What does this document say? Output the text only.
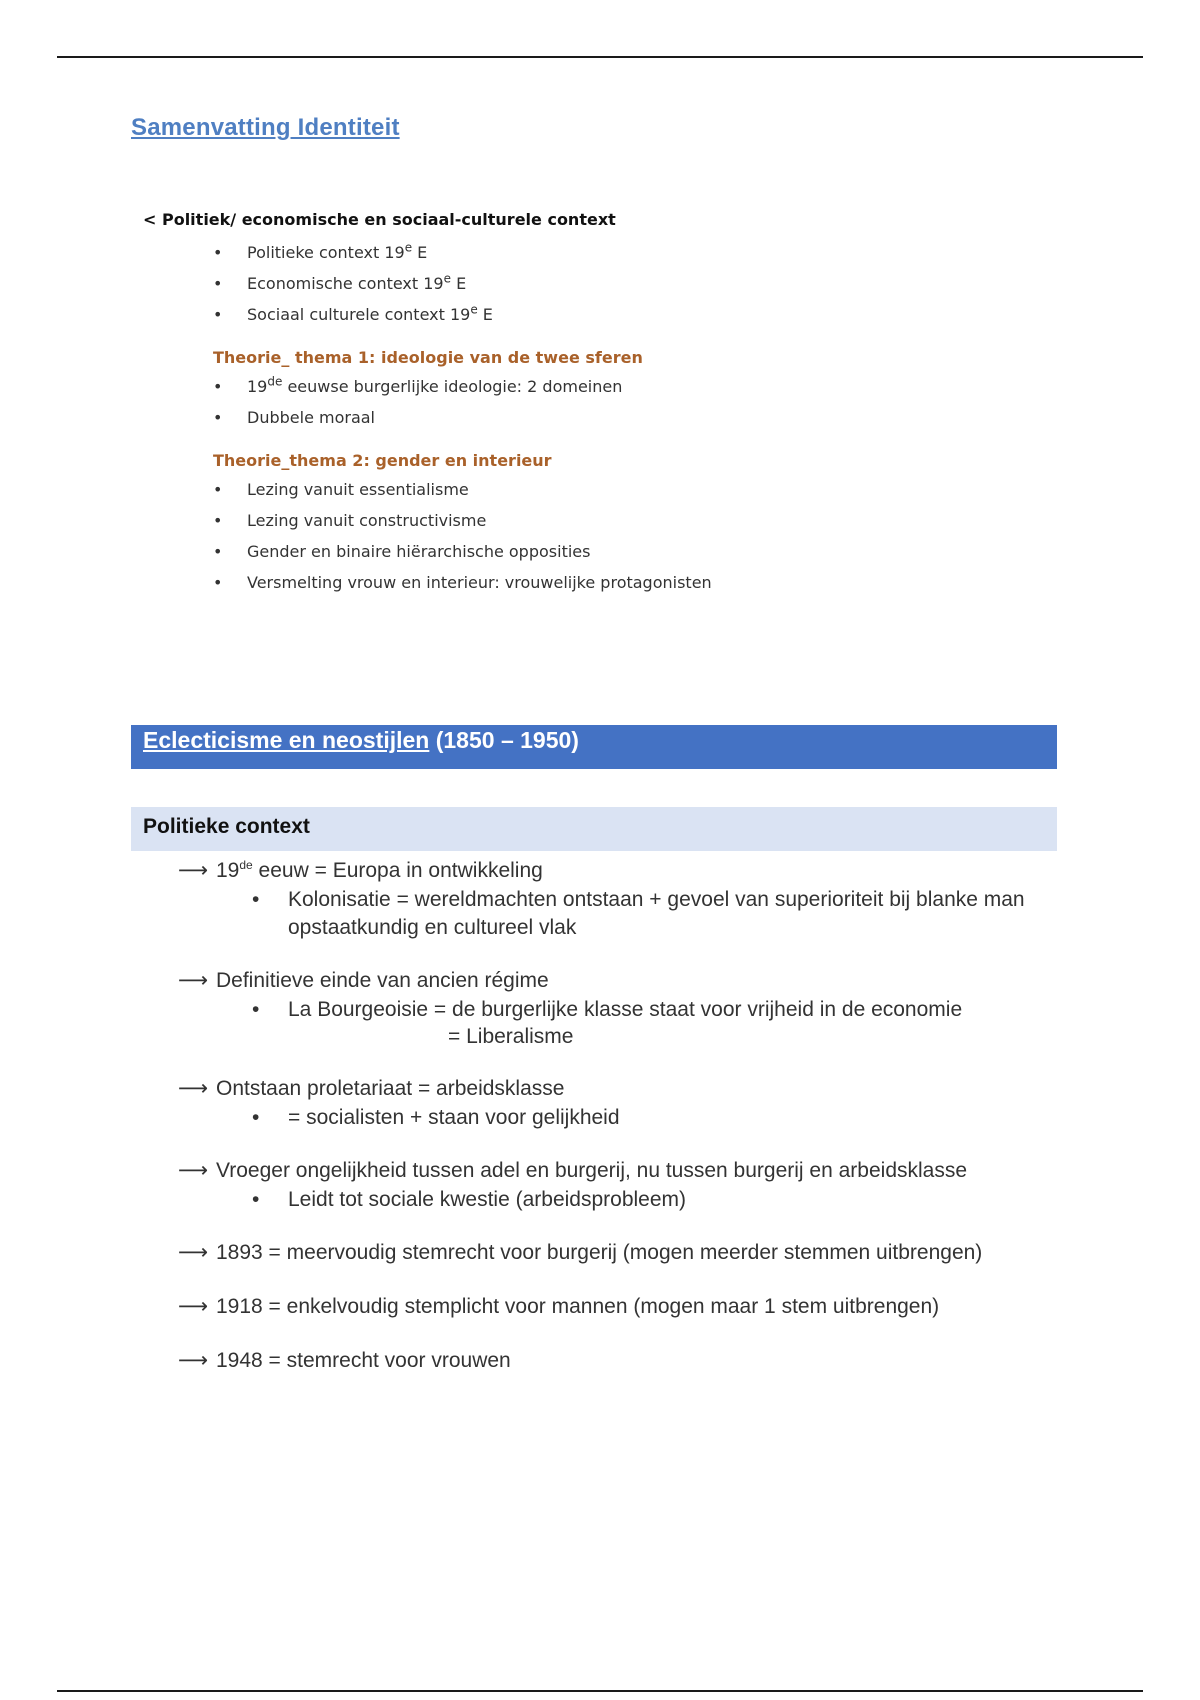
Samenvatting Identiteit
< Politiek/ economische en sociaal-culturele context
• Politieke context 19e E
• Economische context 19e E
• Sociaal culturele context 19e E
Theorie_ thema 1: ideologie van de twee sferen
• 19de eeuwse burgerlijke ideologie: 2 domeinen
• Dubbele moraal
Theorie_thema 2: gender en interieur
• Lezing vanuit essentialisme
• Lezing vanuit constructivisme
• Gender en binaire hiërarchische opposities
• Versmelting vrouw en interieur: vrouwelijke protagonisten
Eclecticisme en neostijlen (1850 – 1950)
Politieke context
⟶ 19de eeuw = Europa in ontwikkeling
• Kolonisatie = wereldmachten ontstaan + gevoel van superioriteit bij blanke man opstaatkundig en cultureel vlak
⟶ Definitieve einde van ancien régime
• La Bourgeoisie = de burgerlijke klasse staat voor vrijheid in de economie
= Liberalisme
⟶ Ontstaan proletariaat = arbeidsklasse
• = socialisten + staan voor gelijkheid
⟶ Vroeger ongelijkheid tussen adel en burgerij, nu tussen burgerij en arbeidsklasse
• Leidt tot sociale kwestie (arbeidsprobleem)
⟶ 1893 = meervoudig stemrecht voor burgerij (mogen meerder stemmen uitbrengen)
⟶ 1918 = enkelvoudig stemplicht voor mannen (mogen maar 1 stem uitbrengen)
⟶ 1948 = stemrecht voor vrouwen
